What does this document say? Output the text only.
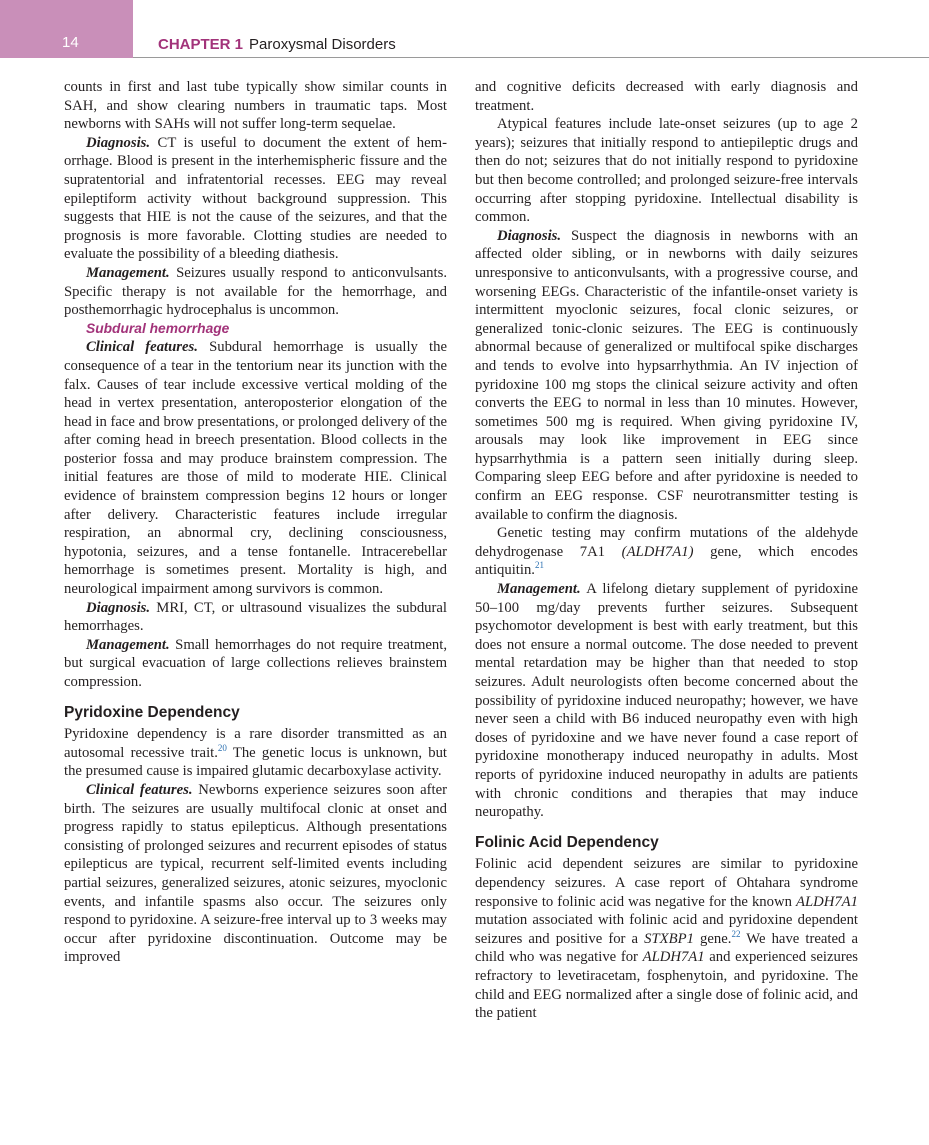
14	CHAPTER 1 Paroxysmal Disorders

counts in first and last tube typically show similar counts in SAH, and show clearing numbers in traumatic taps. Most newborns with SAHs will not suffer long-term sequelae.

Diagnosis. CT is useful to document the extent of hemorrhage. Blood is present in the interhemispheric fissure and the supratentorial and infratentorial recesses. EEG may reveal epileptiform activity without background suppression. This suggests that HIE is not the cause of the seizures, and that the prognosis is more favorable. Clotting studies are needed to evaluate the possibility of a bleeding diathesis.

Management. Seizures usually respond to anticonvulsants. Specific therapy is not available for the hemorrhage, and posthemorrhagic hydrocephalus is uncommon.

Subdural hemorrhage

Clinical features. Subdural hemorrhage is usually the consequence of a tear in the tentorium near its junction with the falx. Causes of tear include excessive vertical molding of the head in vertex presentation, anteroposterior elongation of the head in face and brow presentations, or prolonged delivery of the after coming head in breech presentation. Blood collects in the posterior fossa and may produce brainstem compression. The initial features are those of mild to moderate HIE. Clinical evidence of brainstem compression begins 12 hours or longer after delivery. Characteristic features include irregular respiration, an abnormal cry, declining consciousness, hypotonia, seizures, and a tense fontanelle. Intracerebellar hemorrhage is sometimes present. Mortality is high, and neurological impairment among survivors is common.

Diagnosis. MRI, CT, or ultrasound visualizes the subdural hemorrhages.

Management. Small hemorrhages do not require treatment, but surgical evacuation of large collections relieves brainstem compression.

Pyridoxine Dependency

Pyridoxine dependency is a rare disorder transmitted as an autosomal recessive trait.$^{20}$ The genetic locus is unknown, but the presumed cause is impaired glutamic decarboxylase activity.

Clinical features. Newborns experience seizures soon after birth. The seizures are usually multifocal clonic at onset and progress rapidly to status epilepticus. Although presentations consisting of prolonged seizures and recurrent episodes of status epilepticus are typical, recurrent self-limited events including partial seizures, generalized seizures, atonic seizures, myoclonic events, and infantile spasms also occur. The seizures only respond to pyridoxine. A seizure-free interval up to 3 weeks may occur after pyridoxine discontinuation. Outcome may be improved

and cognitive deficits decreased with early diagnosis and treatment.

Atypical features include late-onset seizures (up to age 2 years); seizures that initially respond to antiepileptic drugs and then do not; seizures that do not initially respond to pyridoxine but then become controlled; and prolonged seizure-free intervals occurring after stopping pyridoxine. Intellectual disability is common.

Diagnosis. Suspect the diagnosis in newborns with an affected older sibling, or in newborns with daily seizures unresponsive to anticonvulsants, with a progressive course, and worsening EEGs. Characteristic of the infantile-onset variety is intermittent myoclonic seizures, focal clonic seizures, or generalized tonic-clonic seizures. The EEG is continuously abnormal because of generalized or multifocal spike discharges and tends to evolve into hypsarrhythmia. An IV injection of pyridoxine 100 mg stops the clinical seizure activity and often converts the EEG to normal in less than 10 minutes. However, sometimes 500 mg is required. When giving pyridoxine IV, arousals may look like improvement in EEG since hypsarrhythmia is a pattern seen initially during sleep. Comparing sleep EEG before and after pyridoxine is needed to confirm an EEG response. CSF neurotransmitter testing is available to confirm the diagnosis.

Genetic testing may confirm mutations of the aldehyde dehydrogenase 7A1 (ALDH7A1) gene, which encodes antiquitin.$^{21}$

Management. A lifelong dietary supplement of pyridoxine 50–100 mg/day prevents further seizures. Subsequent psychomotor development is best with early treatment, but this does not ensure a normal outcome. The dose needed to prevent mental retardation may be higher than that needed to stop seizures. Adult neurologists often become concerned about the possibility of pyridoxine induced neuropathy; however, we have never seen a child with B6 induced neuropathy even with high doses of pyridoxine and we have never found a case report of pyridoxine monotherapy induced neuropathy in adults. Most reports of pyridoxine induced neuropathy in adults are patients with chronic conditions and therapies that may induce neuropathy.

Folinic Acid Dependency

Folinic acid dependent seizures are similar to pyridoxine dependency seizures. A case report of Ohtahara syndrome responsive to folinic acid was negative for the known ALDH7A1 mutation associated with folinic acid and pyridoxine dependent seizures and positive for a STXBP1 gene.$^{22}$ We have treated a child who was negative for ALDH7A1 and experienced seizures refractory to levetiracetam, fosphenytoin, and pyridoxine. The child and EEG normalized after a single dose of folinic acid, and the patient
